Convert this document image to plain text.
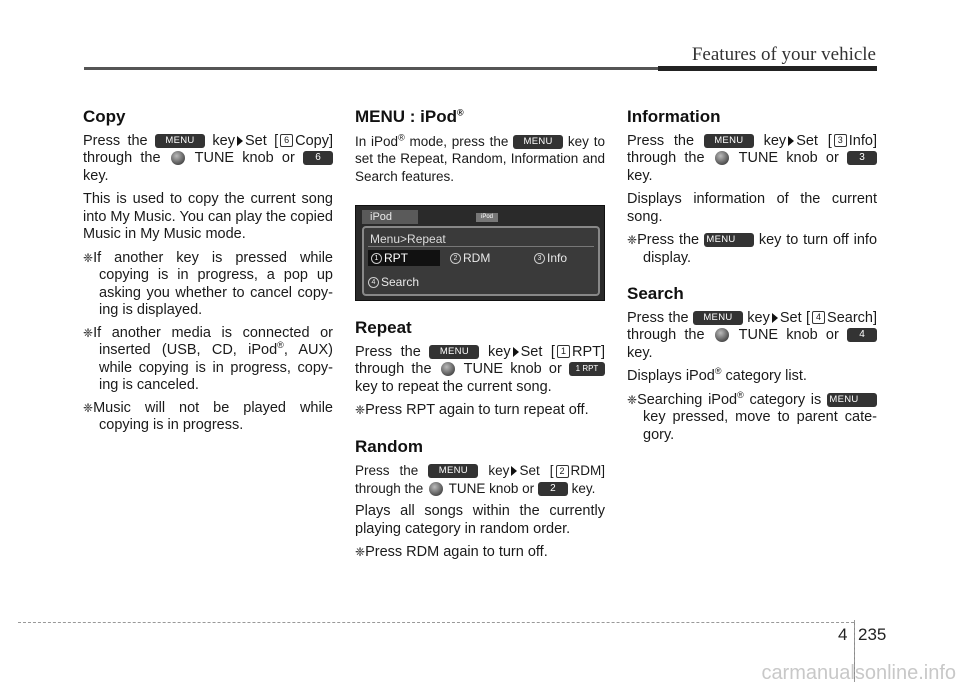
Features of your vehicle
Copy

Press the MENU key Set [ 6 Copy] through the TUNE knob or 6 key.

This is used to copy the current song into My Music. You can play the copied Music in My Music mode.

❈If another key is pressed while copying is in progress, a pop up asking you whether to cancel copy-ing is displayed.

❈If another media is connected or inserted (USB, CD, iPod®, AUX) while copying is in progress, copy-ing is canceled.

❈Music will not be played while copying is in progress.

MENU : iPod®

In iPod® mode, press the MENU key to set the Repeat, Random, Information and Search features.

iPod	iPod
Menu>Repeat
1 RPT	2 RDM	3 Info
4 Search
Repeat

Press the MENU key Set [ 1 RPT] through the TUNE knob or 1 RPT key to repeat the current song.

❈Press RPT again to turn repeat off.

Random

Press the MENU key Set [ 2 RDM] through the TUNE knob or 2 key.

Plays all songs within the currently playing category in random order.

❈Press RDM again to turn off.

Information

Press the MENU key Set [ 3 Info] through the TUNE knob or 3 key.

Displays information of the current song.

❈Press the MENU key to turn off info display.

Search

Press the MENU key Set [ 4 Search] through the TUNE knob or 4 key.

Displays iPod® category list.

❈Searching iPod® category is MENU key pressed, move to parent cate-gory.

4 235
carmanualsonline.info
